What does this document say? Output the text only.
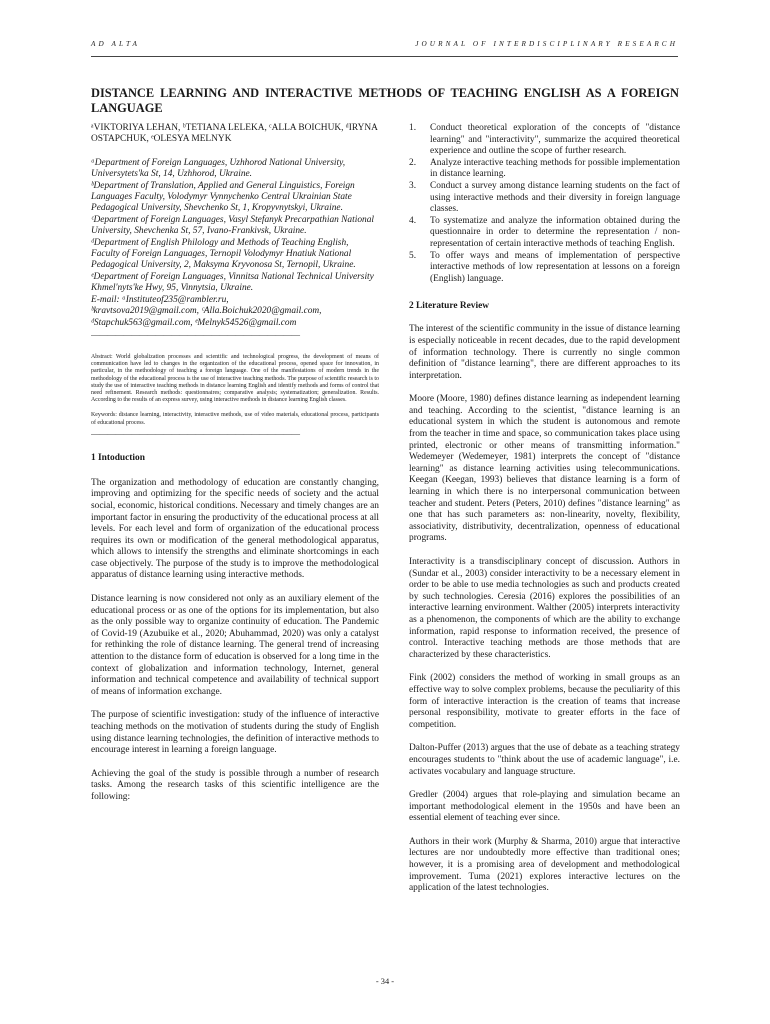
AD ALTA	JOURNAL OF INTERDISCIPLINARY RESEARCH
DISTANCE LEARNING AND INTERACTIVE METHODS OF TEACHING ENGLISH AS A FOREIGN LANGUAGE

ᵃVIKTORIYA LEHAN, ᵇTETIANA LELEKA, ᶜALLA BOICHUK, ᵈIRYNA OSTAPCHUK, ᵉOLESYA MELNYK

ᵃDepartment of Foreign Languages, Uzhhorod National University, Universytets'ka St, 14, Uzhhorod, Ukraine.

ᵇDepartment of Translation, Applied and General Linguistics, Foreign Languages Faculty, Volodymyr Vynnychenko Central Ukrainian State Pedagogical University, Shevchenko St, 1, Kropyvnytskyi, Ukraine.

ᶜDepartment of Foreign Languages, Vasyl Stefanyk Precarpathian National University, Shevchenka St, 57, Ivano-Frankivsk, Ukraine.

ᵈDepartment of English Philology and Methods of Teaching English, Faculty of Foreign Languages, Ternopil Volodymyr Hnatiuk National Pedagogical University, 2, Maksyma Kryvonosa St, Ternopil, Ukraine.

ᵉDepartment of Foreign Languages, Vinnitsa National Technical University Khmel'nyts'ke Hwy, 95, Vinnytsia, Ukraine.

E-mail: ᵃInstituteof235@rambler.ru,

ᵇkravtsova2019@gmail.com, ᶜAlla.Boichuk2020@gmail.com,

ᵈStapchuk563@gmail.com, ᵉMelnyk54526@gmail.com

——————————————————————————

Abstract: World globalization processes and scientific and technological progress, the development of means of communication have led to changes in the organization of the educational process, opened space for innovation, in particular, in the methodology of teaching a foreign language. One of the manifestations of modern trends in the methodology of the educational process is the use of interactive teaching methods. The purpose of scientific research is to study the use of interactive teaching methods in distance learning English and identify methods and forms of control that need refinement. Research methods: questionnaires; comparative analysis; systematization; generalization. Results. According to the results of an express survey, using interactive methods in distance learning English classes.

Keywords: distance learning, interactivity, interactive methods, use of video materials, educational process, participants of educational process.

——————————————————————————
1 Intoduction

The organization and methodology of education are constantly changing, improving and optimizing for the specific needs of society and the actual social, economic, historical conditions. Necessary and timely changes are an important factor in ensuring the productivity of the educational process at all levels. For each level and form of organization of the educational process requires its own or modification of the general methodological apparatus, which allows to intensify the strengths and eliminate shortcomings in each case objectively. The purpose of the study is to improve the methodological apparatus of distance learning using interactive methods.

Distance learning is now considered not only as an auxiliary element of the educational process or as one of the options for its implementation, but also as the only possible way to organize continuity of education. The Pandemic of Covid-19 (Azubuike et al., 2020; Abuhammad, 2020) was only a catalyst for rethinking the role of distance learning. The general trend of increasing attention to the distance form of education is observed for a long time in the context of globalization and information technology, Internet, general information and technical competence and availability of technical support of means of information exchange.

The purpose of scientific investigation: study of the influence of interactive teaching methods on the motivation of students during the study of English using distance learning technologies, the definition of interactive methods to encourage interest in learning a foreign language.

Achieving the goal of the study is possible through a number of research tasks. Among the research tasks of this scientific intelligence are the following:

1. Conduct theoretical exploration of the concepts of "distance learning" and "interactivity", summarize the acquired theoretical experience and outline the scope of further research.
2. Analyze interactive teaching methods for possible implementation in distance learning.
3. Conduct a survey among distance learning students on the fact of using interactive methods and their diversity in foreign language classes.
4. To systematize and analyze the information obtained during the questionnaire in order to determine the representation / non-representation of certain interactive methods of teaching English.
5. To offer ways and means of implementation of perspective interactive methods of low representation at lessons on a foreign (English) language.
2 Literature Review

The interest of the scientific community in the issue of distance learning is especially noticeable in recent decades, due to the rapid development of information technology. There is currently no single common definition of "distance learning", there are different approaches to its interpretation.

Moore (Moore, 1980) defines distance learning as independent learning and teaching. According to the scientist, "distance learning is an educational system in which the student is autonomous and remote from the teacher in time and space, so communication takes place using printed, electronic or other means of transmitting information." Wedemeyer (Wedemeyer, 1981) interprets the concept of "distance learning" as distance learning activities using telecommunications. Keegan (Keegan, 1993) believes that distance learning is a form of learning in which there is no interpersonal communication between teacher and student. Peters (Peters, 2010) defines "distance learning" as one that has such parameters as: non-linearity, novelty, flexibility, associativity, distributivity, decentralization, openness of educational programs.

Interactivity is a transdisciplinary concept of discussion. Authors in (Sundar et al., 2003) consider interactivity to be a necessary element in order to be able to use media technologies as such and products created by such technologies. Ceresia (2016) explores the possibilities of an interactive learning environment. Walther (2005) interprets interactivity as a phenomenon, the components of which are the ability to exchange information, rapid response to information received, the presence of control. Interactive teaching methods are those methods that are characterized by these characteristics.

Fink (2002) considers the method of working in small groups as an effective way to solve complex problems, because the peculiarity of this form of interactive interaction is the creation of teams that increase personal responsibility, motivate to greater efforts in the face of competition.

Dalton-Puffer (2013) argues that the use of debate as a teaching strategy encourages students to "think about the use of academic language", i.e. activates vocabulary and language structure.

Gredler (2004) argues that role-playing and simulation became an important methodological element in the 1950s and have been an essential element of teaching ever since.

Authors in their work (Murphy & Sharma, 2010) argue that interactive lectures are nor undoubtedly more effective than traditional ones; however, it is a promising area of development and methodological improvement. Tuma (2021) explores interactive lectures on the application of the latest technologies.

- 34 -
